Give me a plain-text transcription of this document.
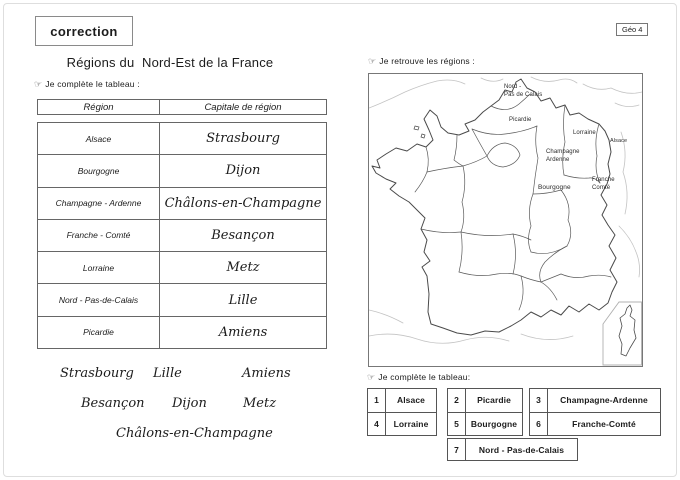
correction	Géo 4
Régions du  Nord-Est de la France
☞ Je complète le tableau :
Région	Capitale de région
Alsace	Strasbourg
Bourgogne	Dijon
Champagne - Ardenne	Châlons-en-Champagne
Franche - Comté	Besançon
Lorraine	Metz
Nord - Pas-de-Calais	Lille
Picardie	Amiens
Strasbourg Lille	Amiens
Besançon Dijon	Metz
Châlons-en-Champagne
☞ Je retrouve les régions :
Nord -
Pas de Calais
Picardie
Lorraine
Alsace
Champagne
Ardenne
Bourgogne
Franche
Comté
☞ Je complète le tableau:
1	Alsace
4	Lorraine
2	Picardie
5	Bourgogne
3	Champagne-Ardenne
6	Franche-Comté
7	Nord - Pas-de-Calais
